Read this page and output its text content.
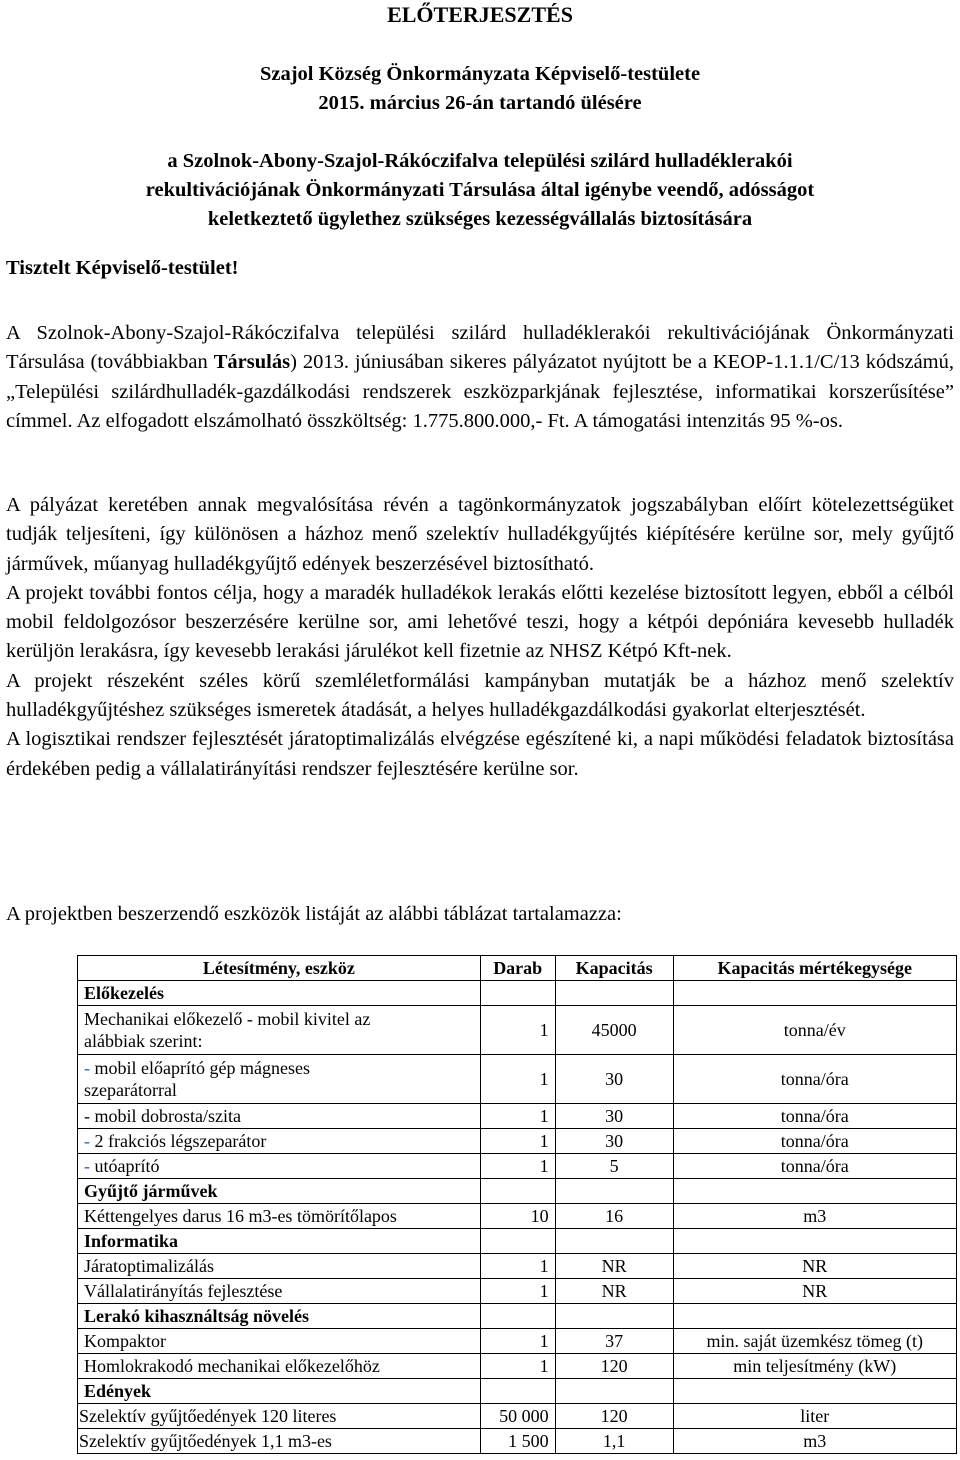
ELŐTERJESZTÉS
Szajol Község Önkormányzata Képviselő-testülete
2015. március 26-án tartandó ülésére
a Szolnok-Abony-Szajol-Rákóczifalva települési szilárd hulladéklerakói
rekultivációjának Önkormányzati Társulása által igénybe veendő, adósságot
keletkeztető ügylethez szükséges kezességvállalás biztosítására
Tisztelt Képviselő-testület!

A Szolnok-Abony-Szajol-Rákóczifalva települési szilárd hulladéklerakói rekultivációjának Önkormányzati Társulása (továbbiakban Társulás) 2013. júniusában sikeres pályázatot nyújtott be a KEOP-1.1.1/C/13 kódszámú, „Települési szilárdhulladék-gazdálkodási rendszerek eszközparkjának fejlesztése, informatikai korszerűsítése” címmel. Az elfogadott elszámolható összköltség: 1.775.800.000,- Ft. A támogatási intenzitás 95 %-os.

A pályázat keretében annak megvalósítása révén a tagönkormányzatok jogszabályban előírt kötelezettségüket tudják teljesíteni, így különösen a házhoz menő szelektív hulladékgyűjtés kiépítésére kerülne sor, mely gyűjtő járművek, műanyag hulladékgyűjtő edények beszerzésével biztosítható.

A projekt további fontos célja, hogy a maradék hulladékok lerakás előtti kezelése biztosított legyen, ebből a célból mobil feldolgozósor beszerzésére kerülne sor, ami lehetővé teszi, hogy a kétpói depóniára kevesebb hulladék kerüljön lerakásra, így kevesebb lerakási járulékot kell fizetnie az NHSZ Kétpó Kft-nek.

A projekt részeként széles körű szemléletformálási kampányban mutatják be a házhoz menő szelektív hulladékgyűjtéshez szükséges ismeretek átadását, a helyes hulladékgazdálkodási gyakorlat elterjesztését.

A logisztikai rendszer fejlesztését járatoptimalizálás elvégzése egészítené ki, a napi működési feladatok biztosítása érdekében pedig a vállalatirányítási rendszer fejlesztésére kerülne sor.

A projektben beszerzendő eszközök listáját az alábbi táblázat tartalamazza:

Létesítmény, eszköz	Darab	Kapacitás	Kapacitás mértékegysége
Előkezelés			
Mechanikai előkezelő - mobil kivitel az
alábbiak szerint:	1	45000	tonna/év
- mobil előaprító gép mágneses
szeparátorral	1	30	tonna/óra
- mobil dobrosta/szita	1	30	tonna/óra
- 2 frakciós légszeparátor	1	30	tonna/óra
- utóaprító	1	5	tonna/óra
Gyűjtő járművek			
Kéttengelyes darus 16 m3-es tömörítőlapos	10	16	m3
Informatika			
Járatoptimalizálás	1	NR	NR
Vállalatirányítás fejlesztése	1	NR	NR
Lerakó kihasználtság növelés			
Kompaktor	1	37	min. saját üzemkész tömeg (t)
Homlokrakodó mechanikai előkezelőhöz	1	120	min teljesítmény (kW)
Edények			
Szelektív gyűjtőedények 120 literes	50 000	120	liter
Szelektív gyűjtőedények 1,1 m3-es	1 500	1,1	m3
